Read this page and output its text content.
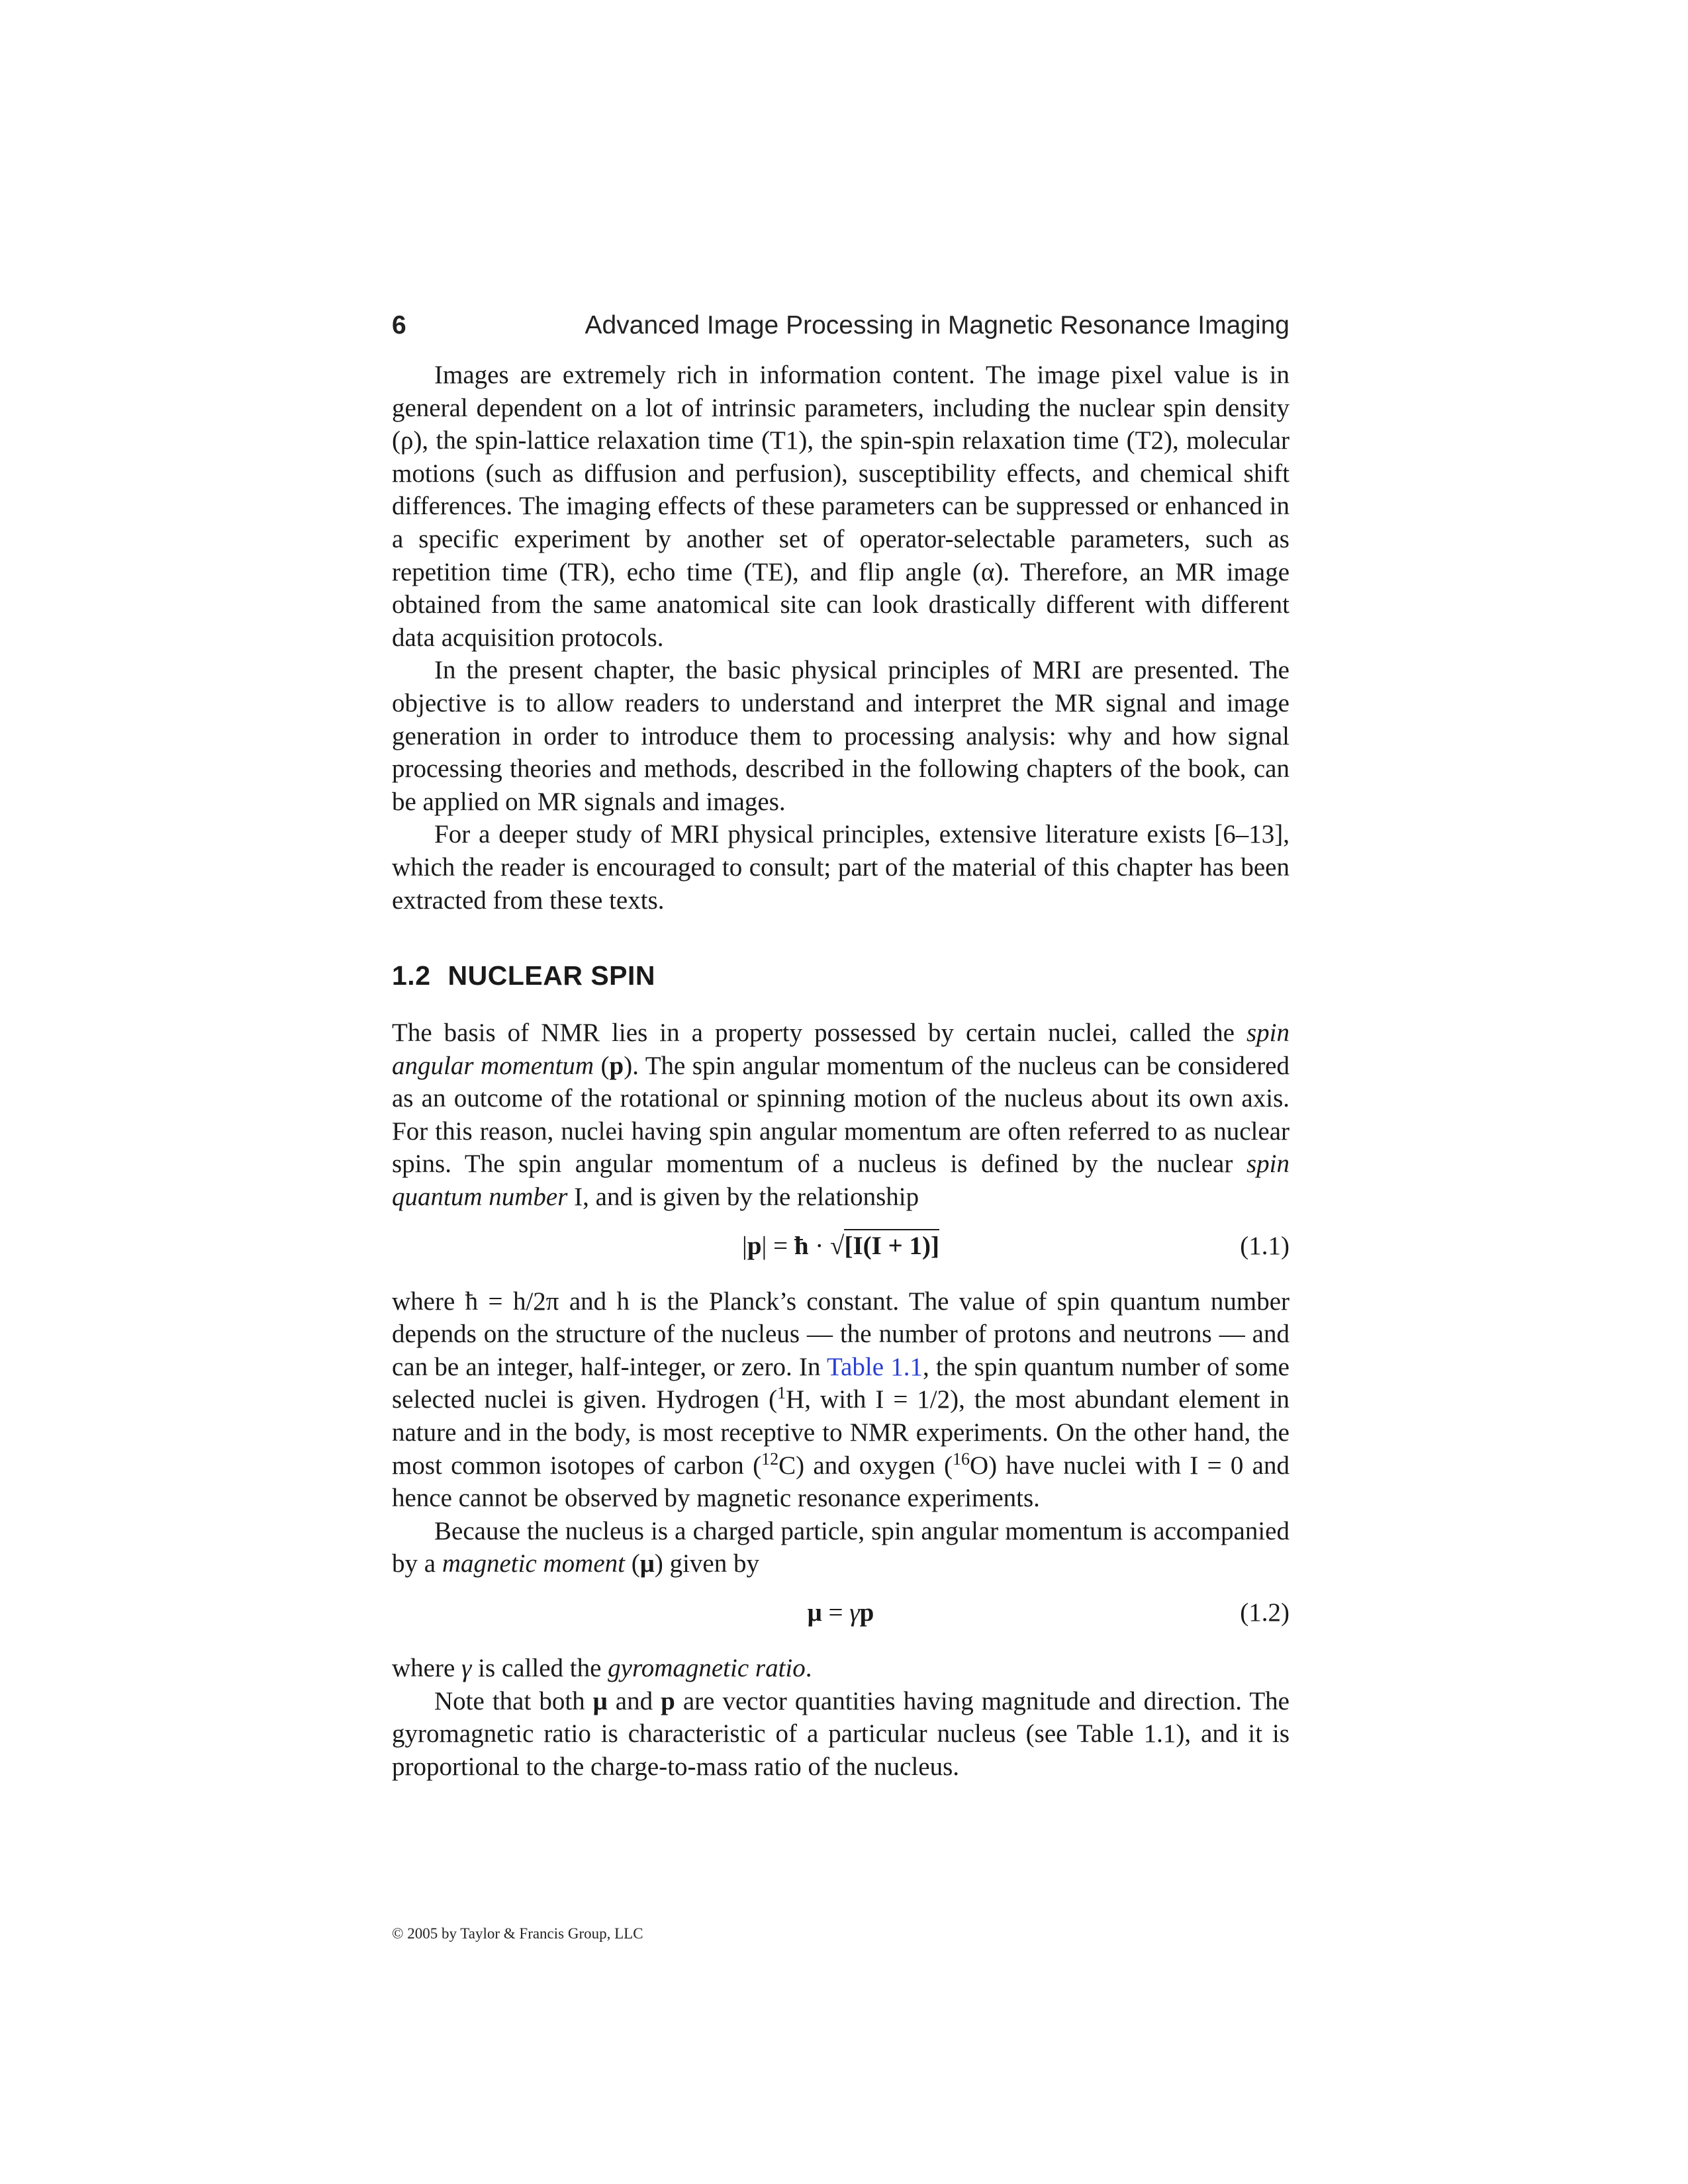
6	Advanced Image Processing in Magnetic Resonance Imaging

Images are extremely rich in information content. The image pixel value is in general dependent on a lot of intrinsic parameters, including the nuclear spin density (ρ), the spin-lattice relaxation time (T1), the spin-spin relaxation time (T2), molecular motions (such as diffusion and perfusion), susceptibility effects, and chemical shift differences. The imaging effects of these parameters can be suppressed or enhanced in a specific experiment by another set of operator-selectable parameters, such as repetition time (TR), echo time (TE), and flip angle (α). Therefore, an MR image obtained from the same anatomical site can look drastically different with different data acquisition protocols.

In the present chapter, the basic physical principles of MRI are presented. The objective is to allow readers to understand and interpret the MR signal and image generation in order to introduce them to processing analysis: why and how signal processing theories and methods, described in the following chapters of the book, can be applied on MR signals and images.

For a deeper study of MRI physical principles, extensive literature exists [6–13], which the reader is encouraged to consult; part of the material of this chapter has been extracted from these texts.

1.2 NUCLEAR SPIN

The basis of NMR lies in a property possessed by certain nuclei, called the spin angular momentum (p). The spin angular momentum of the nucleus can be considered as an outcome of the rotational or spinning motion of the nucleus about its own axis. For this reason, nuclei having spin angular momentum are often referred to as nuclear spins. The spin angular momentum of a nucleus is defined by the nuclear spin quantum number I, and is given by the relationship

|p| = ħ · √[I(I + 1)]	(1.1)

where ħ = h/2π and h is the Planck’s constant. The value of spin quantum number depends on the structure of the nucleus — the number of protons and neutrons — and can be an integer, half-integer, or zero. In Table 1.1, the spin quantum number of some selected nuclei is given. Hydrogen ($^1$H, with I = 1/2), the most abundant element in nature and in the body, is most receptive to NMR experiments. On the other hand, the most common isotopes of carbon ($^{12}$C) and oxygen ($^{16}$O) have nuclei with I = 0 and hence cannot be observed by magnetic resonance experiments.

Because the nucleus is a charged particle, spin angular momentum is accompanied by a magnetic moment (μ) given by

μ = γp	(1.2)

where γ is called the gyromagnetic ratio.

Note that both μ and p are vector quantities having magnitude and direction. The gyromagnetic ratio is characteristic of a particular nucleus (see Table 1.1), and it is proportional to the charge-to-mass ratio of the nucleus.

© 2005 by Taylor & Francis Group, LLC
